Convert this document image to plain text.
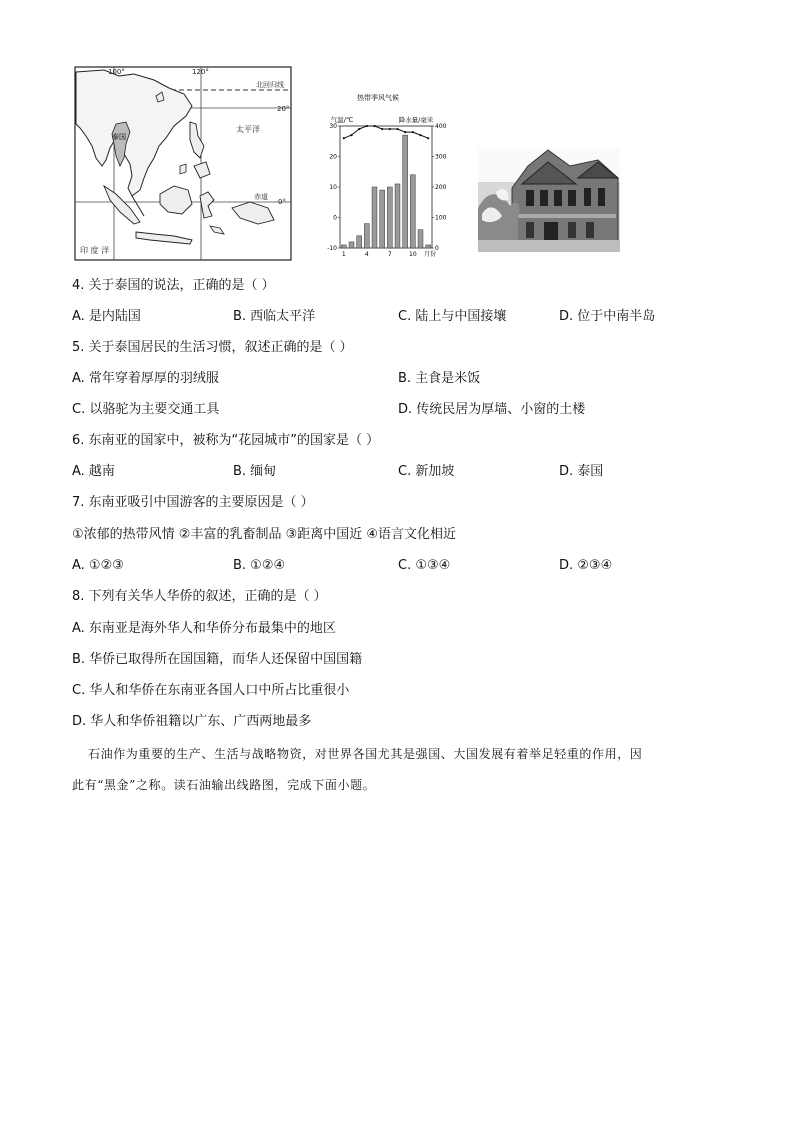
100°	120°
北回归线
20°
泰国
太平洋
赤道
0°
印 度 洋
热带季风气候
气温/℃	降水量/毫米
30
20
10
0
-10
400
300
200
100
0
1	4	7	10 月份
4. 关于泰国的说法，正确的是（ ）
A. 是内陆国	B. 西临太平洋	C. 陆上与中国接壤	D. 位于中南半岛
5. 关于泰国居民的生活习惯，叙述正确的是（ ）
A. 常年穿着厚厚的羽绒服	B. 主食是米饭
C. 以骆驼为主要交通工具	D. 传统民居为厚墙、小窗的土楼
6. 东南亚的国家中，被称为“花园城市”的国家是（ ）
A. 越南	B. 缅甸	C. 新加坡	D. 泰国
7. 东南亚吸引中国游客的主要原因是（ ）
①浓郁的热带风情 ②丰富的乳畜制品 ③距离中国近 ④语言文化相近
A. ①②③	B. ①②④	C. ①③④	D. ②③④
8. 下列有关华人华侨的叙述，正确的是（ ）
A. 东南亚是海外华人和华侨分布最集中的地区
B. 华侨已取得所在国国籍，而华人还保留中国国籍
C. 华人和华侨在东南亚各国人口中所占比重很小
D. 华人和华侨祖籍以广东、广西两地最多
石油作为重要的生产、生活与战略物资，对世界各国尤其是强国、大国发展有着举足轻重的作用，因
此有“黑金”之称。读石油输出线路图，完成下面小题。
